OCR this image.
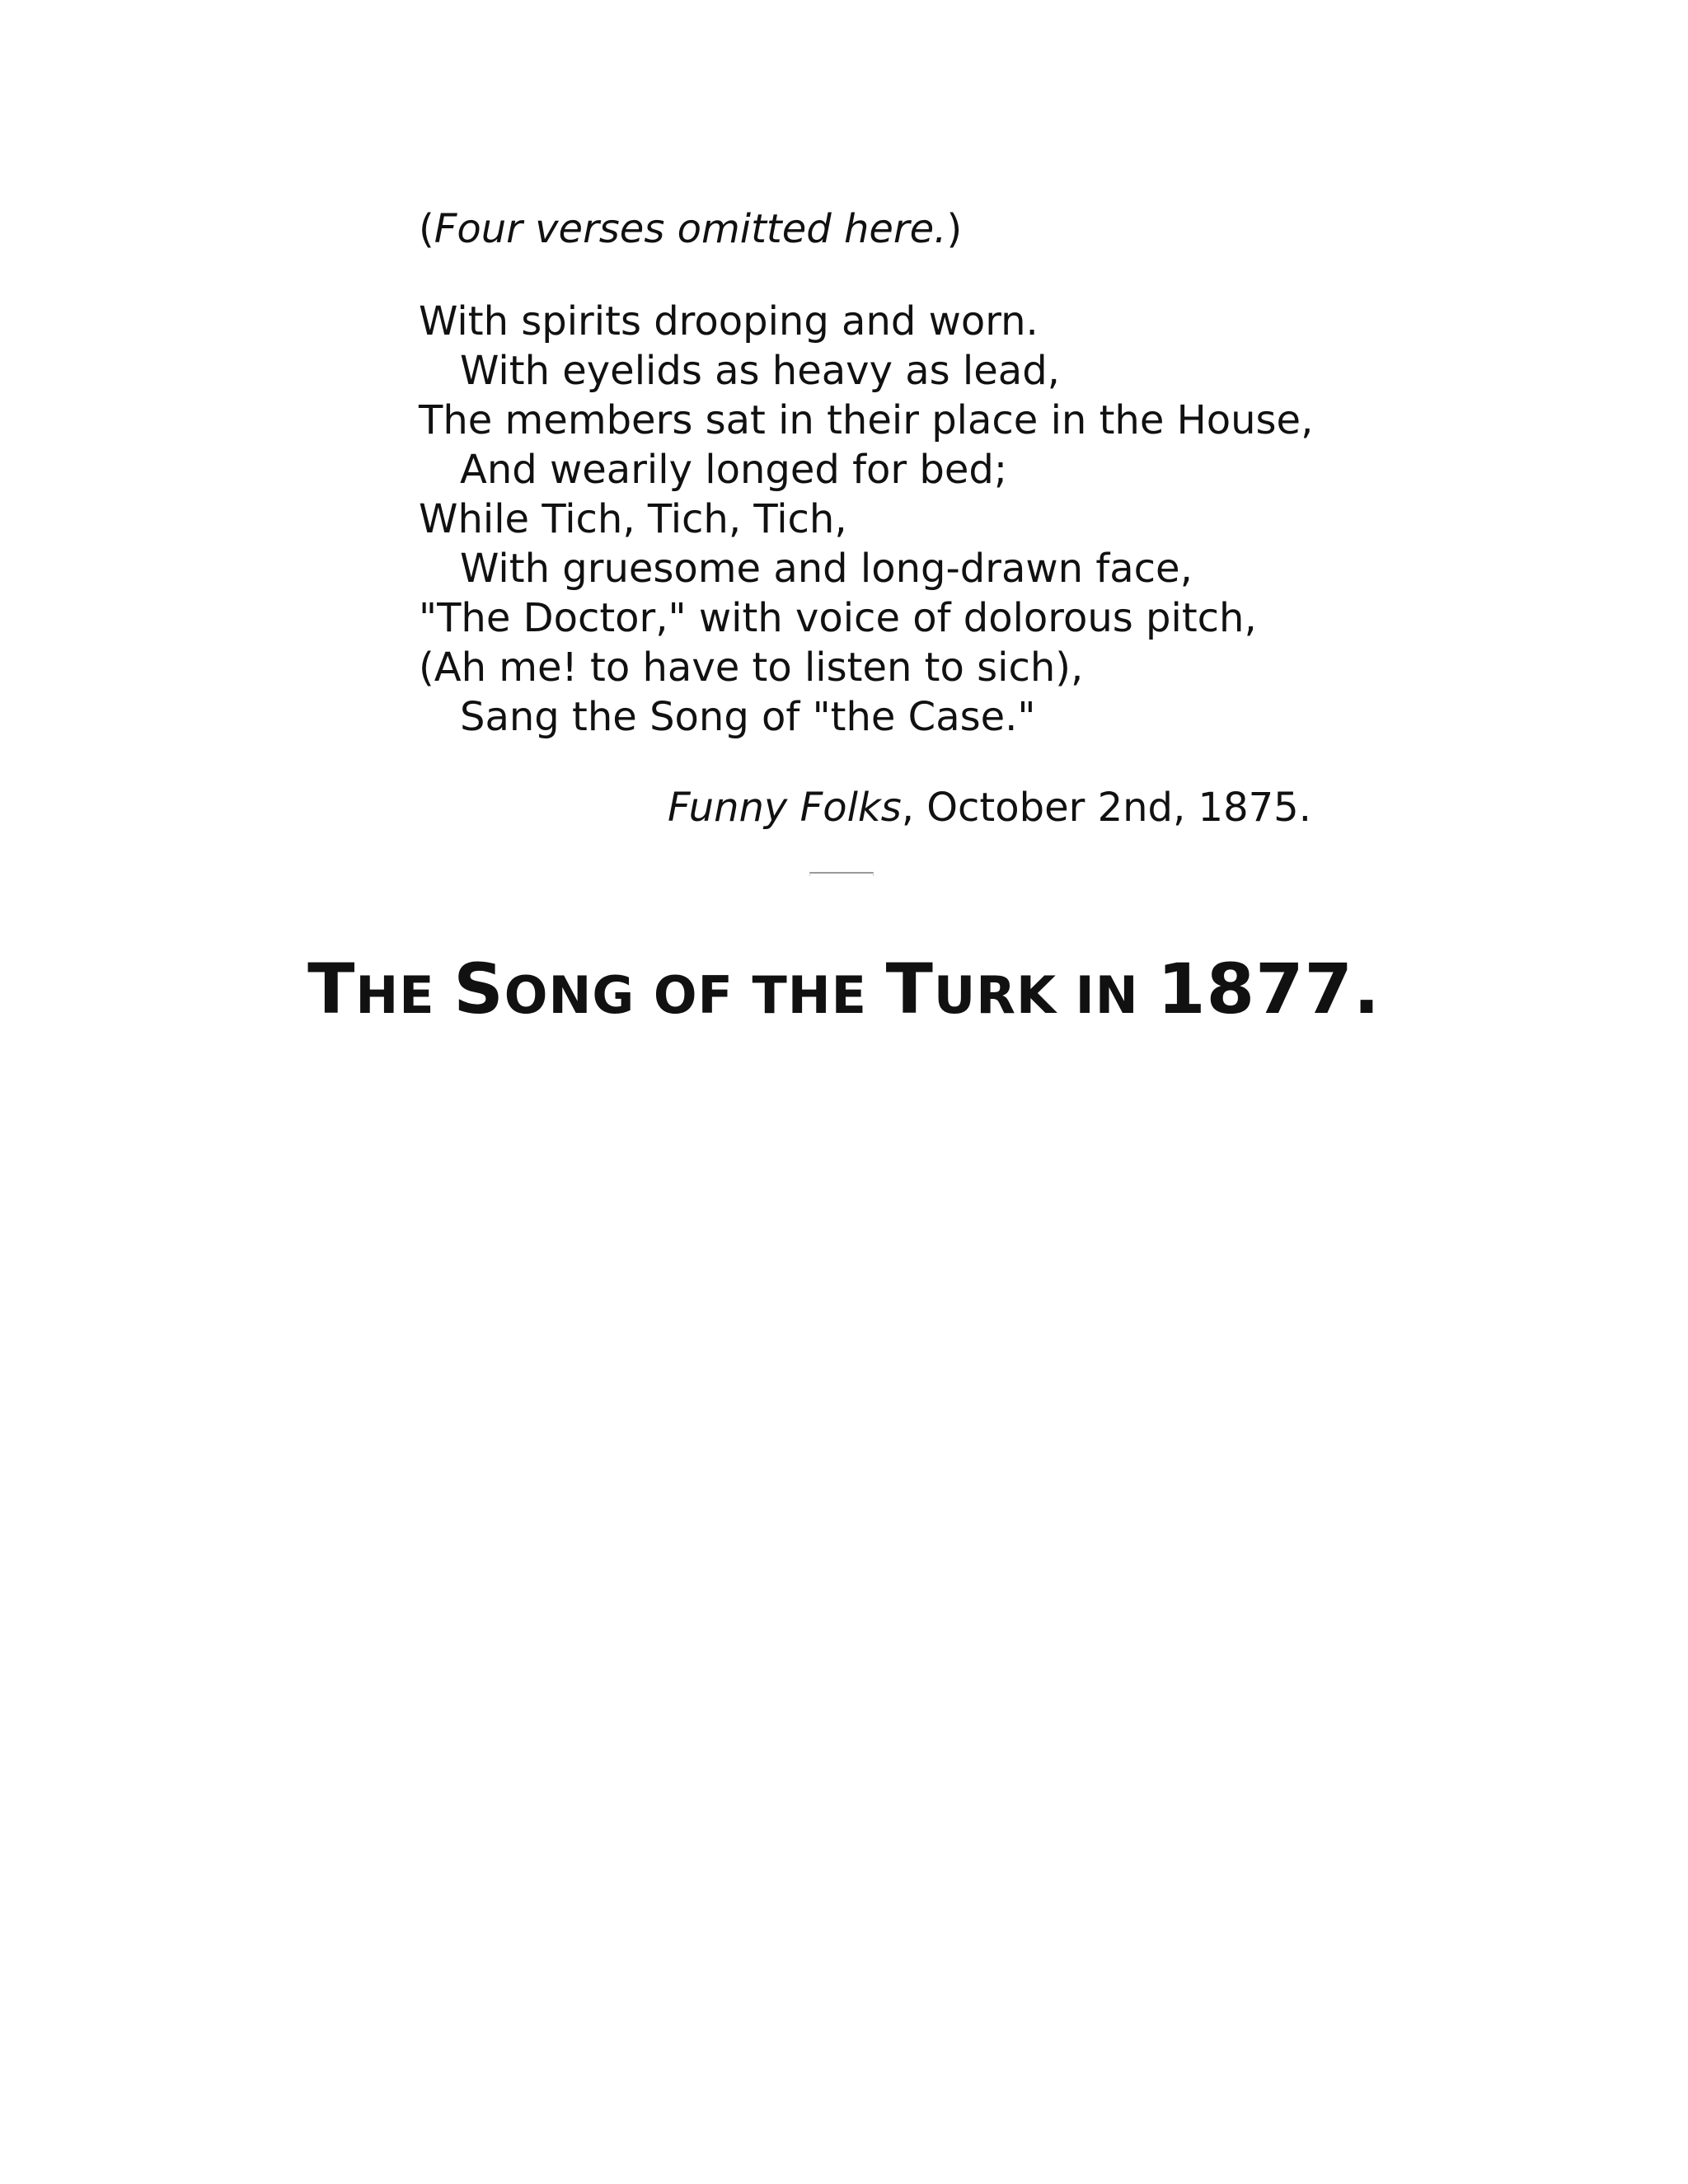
(Four verses omitted here.)
With spirits drooping and worn.
With eyelids as heavy as lead,
The members sat in their place in the House,
And wearily longed for bed;
While Tich, Tich, Tich,
With gruesome and long-drawn face,
"The Doctor," with voice of dolorous pitch,
(Ah me! to have to listen to sich),
Sang the Song of "the Case."
Funny Folks, October 2nd, 1875.
THE SONG OF THE TURK IN 1877.
